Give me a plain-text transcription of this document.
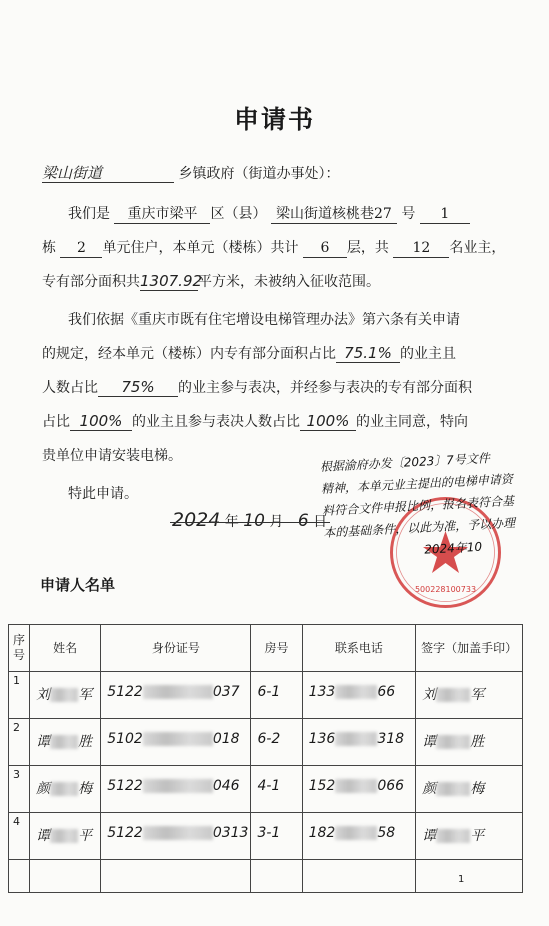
申请书
梁山街道	乡镇政府（街道办事处）：
我们是 重庆市梁平 区（县） 梁山街道核桃巷27 号 1
栋 2 单元住户，本单元（楼栋）共计 6 层，共 12 名业主，
专有部分面积共1307.92平方米，未被纳入征收范围。
我们依据《重庆市既有住宅增设电梯管理办法》第六条有关申请
的规定，经本单元（楼栋）内专有部分面积占比 75.1% 的业主且
人数占比 75% 的业主参与表决，并经参与表决的专有部分面积
占比 100% 的业主且参与表决人数占比 100% 的业主同意，特向
贵单位申请安装电梯。
特此申请。
2024 年 10 月 6 日
500228100733
根据渝府办发〔2023〕7号文件
精神，本单元业主提出的电梯申请资
料符合文件申报比例，报名表符合基
本的基础条件，以此为准，予以办理
2024年10
申请人名单
序号	姓名	身份证号	房号	联系电话	签字（加盖手印）
1	刘 军	5122 037	6-1	133 66	刘 军
2	谭 胜	5102 018	6-2	136 318	谭 胜
3	颜 梅	5122 046	4-1	152 066	颜 梅
4	谭 平	5122 0313	3-1	182 58	谭 平

1
